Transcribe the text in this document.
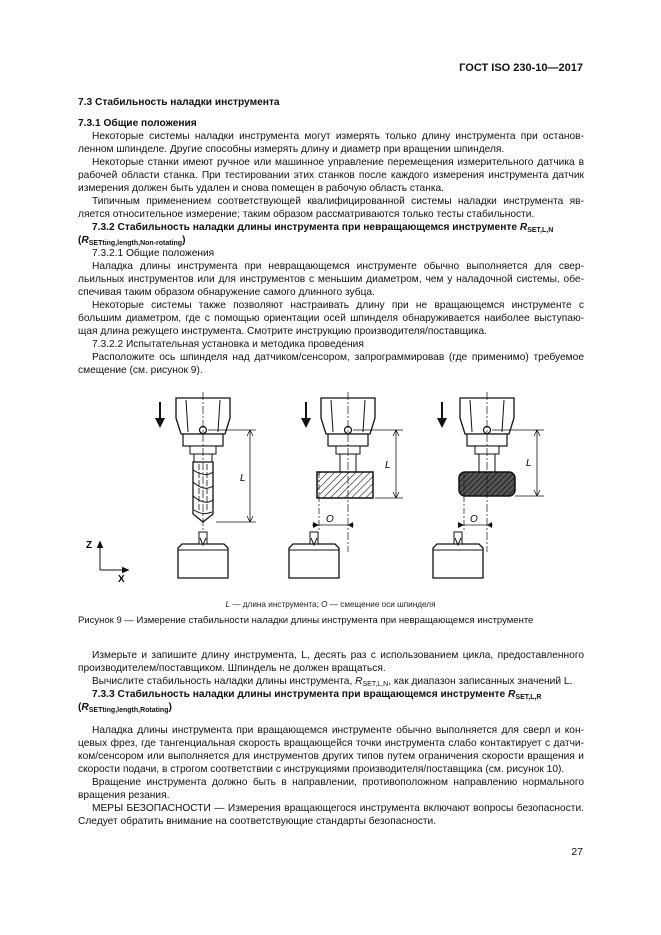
ГОСТ ISO 230-10—2017

7.3 Стабильность наладки инструмента

7.3.1 Общие положения

Некоторые системы наладки инструмента могут измерять только длину инструмента при остановленном шпинделе. Другие способны измерять длину и диаметр при вращении шпинделя.

Некоторые станки имеют ручное или машинное управление перемещения измерительного датчика в рабочей области станка. При тестировании этих станков после каждого измерения инструмента датчик измерения должен быть удален и снова помещен в рабочую область станка.

Типичным применением соответствующей квалифицированной системы наладки инструмента является относительное измерение; таким образом рассматриваются только тесты стабильности.

7.3.2 Стабильность наладки длины инструмента при невращающемся инструменте $R_{SET,L,N}$

$(R_{SETting,length,Non-rotating})$

7.3.2.1 Общие положения

Наладка длины инструмента при невращающемся инструменте обычно выполняется для сверльильных инструментов или для инструментов с меньшим диаметром, чем у наладочной системы, обеспечивая таким образом обнаружение самого длинного зубца.

Некоторые системы также позволяют настраивать длину при не вращающемся инструменте с большим диаметром, где с помощью ориентации осей шпинделя обнаруживается наиболее выступающая длина режущего инструмента. Смотрите инструкцию производителя/поставщика.

7.3.2.2 Испытательная установка и методика проведения

Расположите ось шпинделя над датчиком/сенсором, запрограммировав (где применимо) требуемое смещение (см. рисунок 9).

L
L
O
L
O
Z
X
L — длина инструмента; O — смещение оси шпинделя
Рисунок 9 — Измерение стабильности наладки длины инструмента при невращающемся инструменте

Измерьте и запишите длину инструмента, L, десять раз с использованием цикла, предоставленного производителем/поставщиком. Шпиндель не должен вращаться.

Вычислите стабильность наладки длины инструмента, $R_{SET,L,N}$, как диапазон записанных значений L.

7.3.3 Стабильность наладки длины инструмента при вращающемся инструменте $R_{SET,L,R}$

$(R_{SETting,length,Rotating})$

Наладка длины инструмента при вращающемся инструменте обычно выполняется для сверл и концевых фрез, где тангенциальная скорость вращающейся точки инструмента слабо контактирует с датчиком/сенсором или выполняется для инструментов других типов путем ограничения скорости вращения и скорости подачи, в строгом соответствии с инструкциями производителя/поставщика (см. рисунок 10).

Вращение инструмента должно быть в направлении, противоположном направлению нормального вращения резания.

МЕРЫ БЕЗОПАСНОСТИ — Измерения вращающегося инструмента включают вопросы безопасности. Следует обратить внимание на соответствующие стандарты безопасности.

27
